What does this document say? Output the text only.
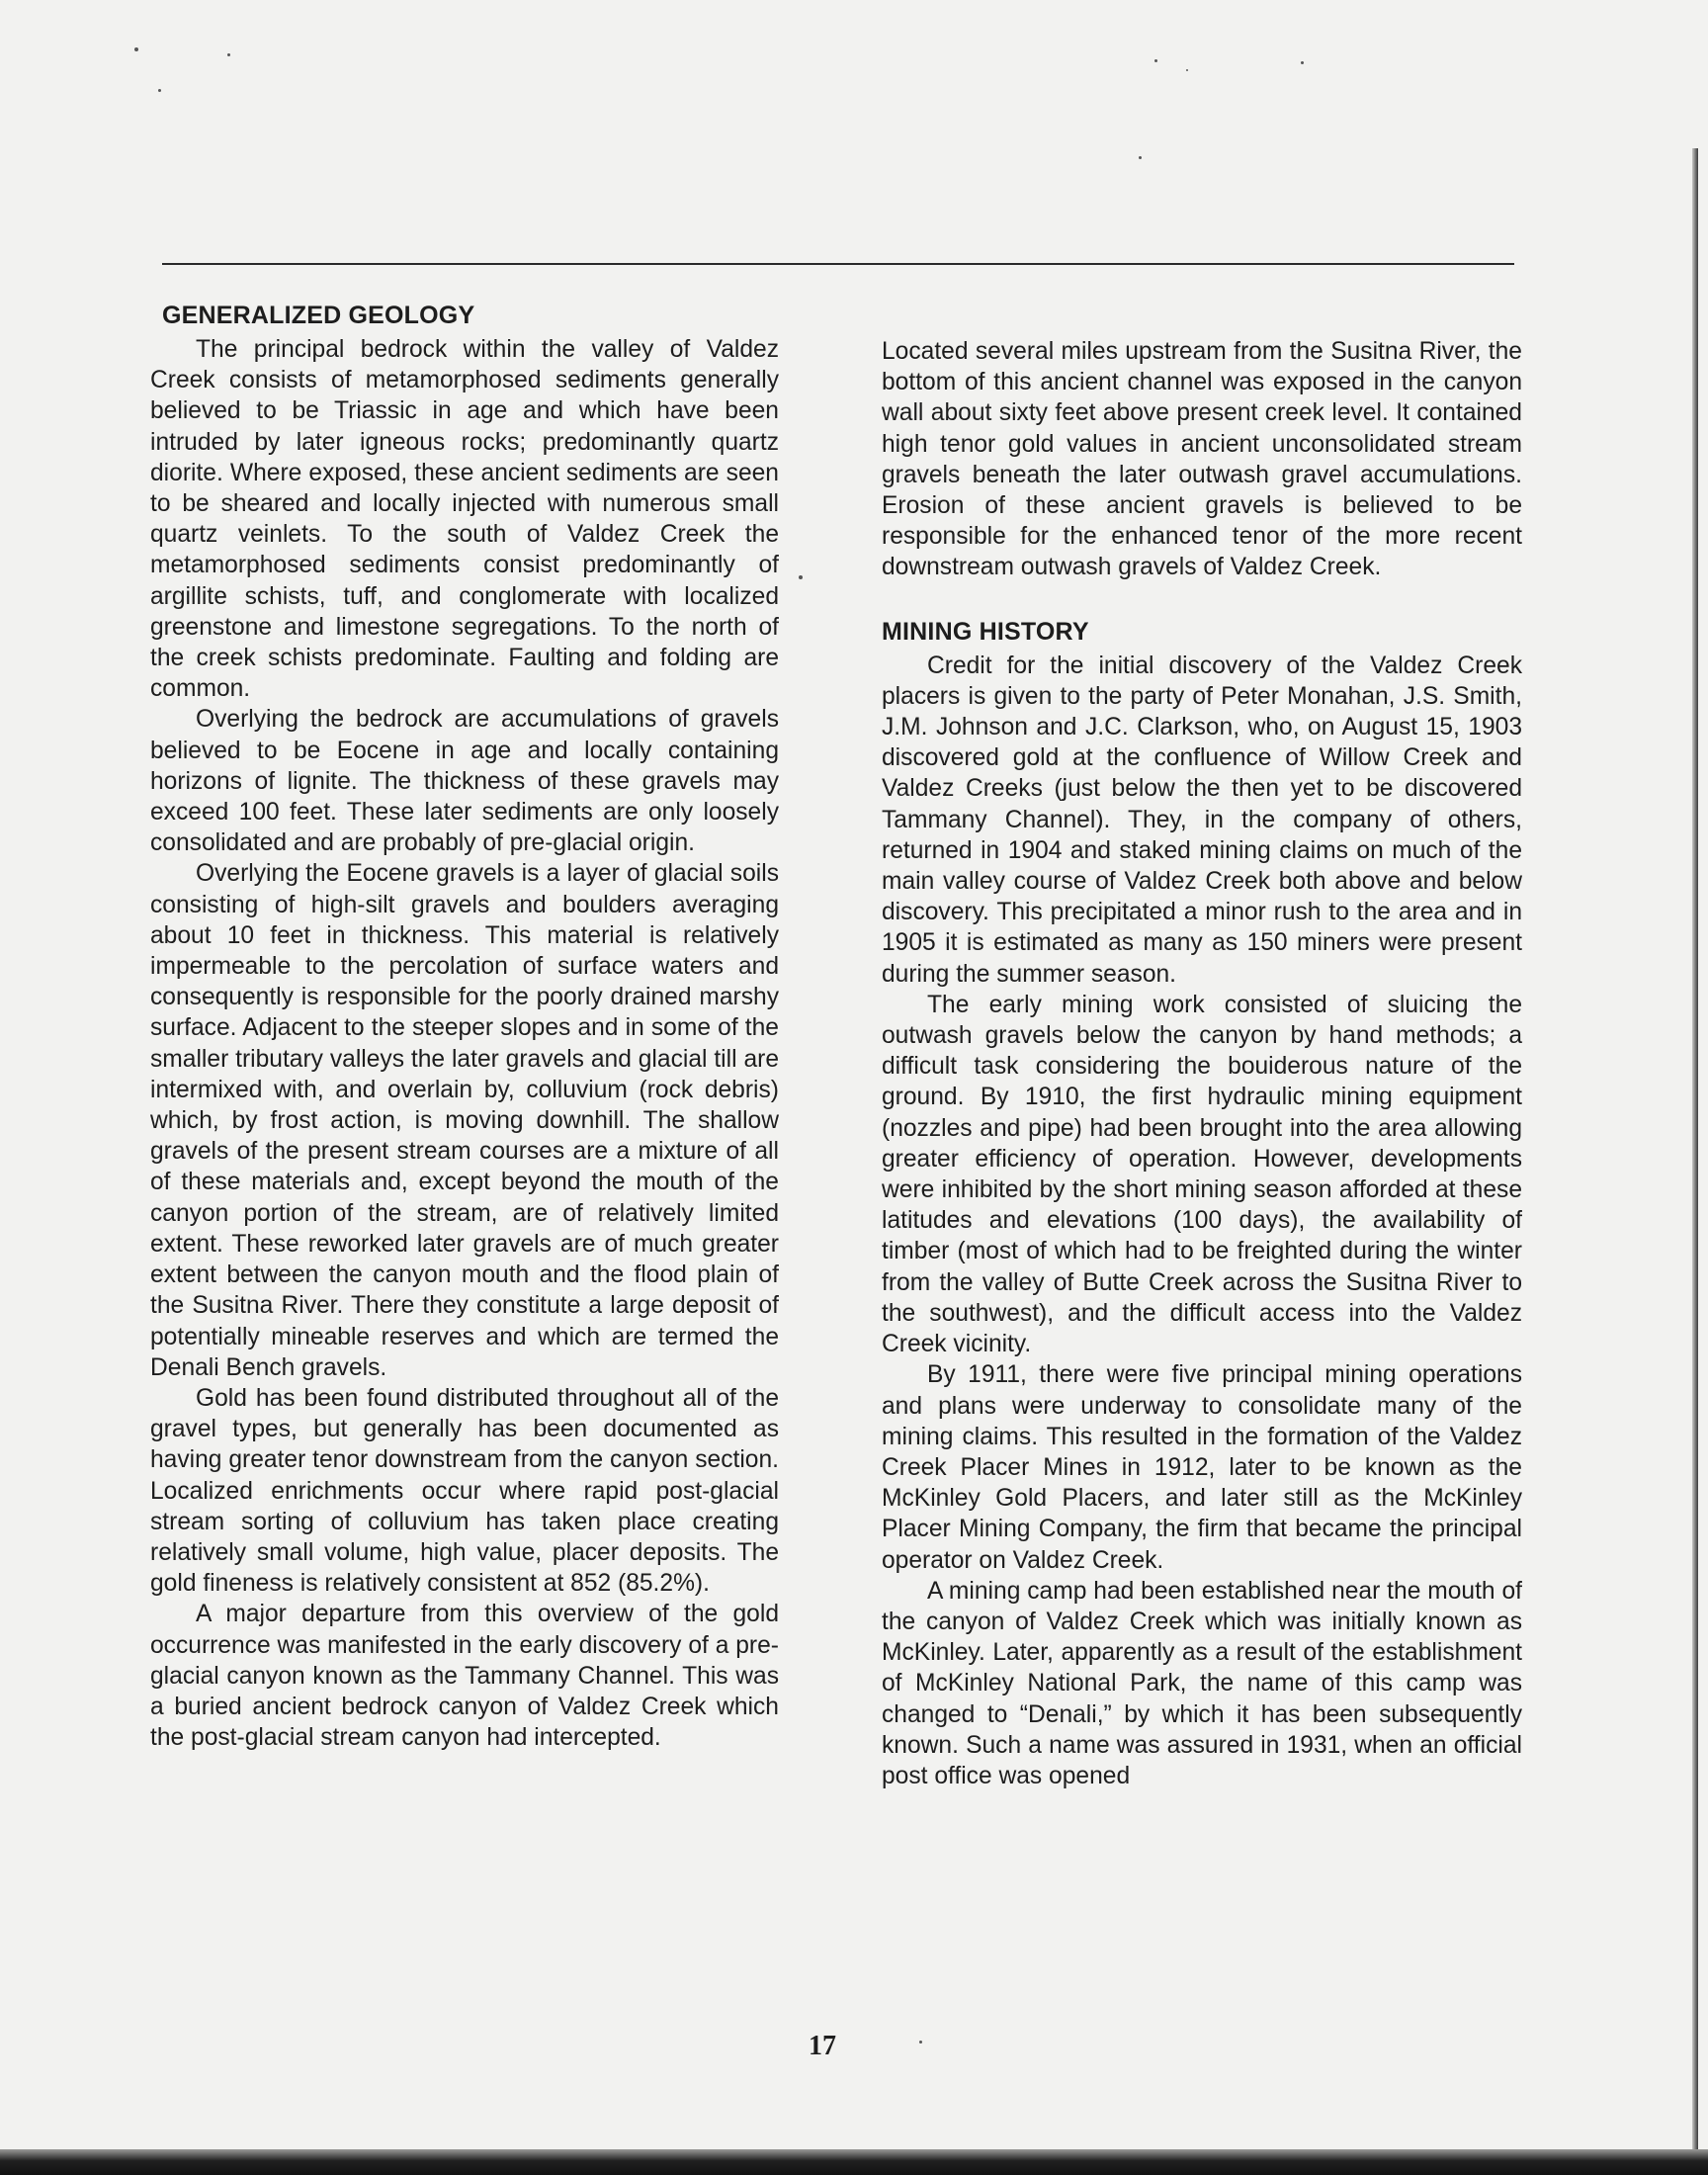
GENERALIZED GEOLOGY

The principal bedrock within the valley of Valdez Creek consists of metamorphosed sediments generally believed to be Triassic in age and which have been intruded by later igneous rocks; predominantly quartz diorite. Where exposed, these ancient sediments are seen to be sheared and locally injected with numerous small quartz veinlets. To the south of Valdez Creek the metamorphosed sediments consist predominantly of argillite schists, tuff, and conglomerate with localized greenstone and limestone segregations. To the north of the creek schists predominate. Faulting and folding are common.

Overlying the bedrock are accumulations of gravels believed to be Eocene in age and locally containing horizons of lignite. The thickness of these gravels may exceed 100 feet. These later sediments are only loosely consolidated and are probably of pre-glacial origin.

Overlying the Eocene gravels is a layer of glacial soils consisting of high-silt gravels and boulders averaging about 10 feet in thickness. This material is relatively impermeable to the percolation of surface waters and consequently is responsible for the poorly drained marshy surface. Adjacent to the steeper slopes and in some of the smaller tributary valleys the later gravels and glacial till are intermixed with, and overlain by, colluvium (rock debris) which, by frost action, is moving downhill. The shallow gravels of the present stream courses are a mixture of all of these materials and, except beyond the mouth of the canyon portion of the stream, are of relatively limited extent. These reworked later gravels are of much greater extent between the canyon mouth and the flood plain of the Susitna River. There they constitute a large deposit of potentially mineable reserves and which are termed the Denali Bench gravels.

Gold has been found distributed throughout all of the gravel types, but generally has been documented as having greater tenor downstream from the canyon section. Localized enrichments occur where rapid post-glacial stream sorting of colluvium has taken place creating relatively small volume, high value, placer deposits. The gold fineness is relatively consistent at 852 (85.2%).

A major departure from this overview of the gold occurrence was manifested in the early discovery of a pre-glacial canyon known as the Tammany Channel. This was a buried ancient bedrock canyon of Valdez Creek which the post-glacial stream canyon had intercepted.

Located several miles upstream from the Susitna River, the bottom of this ancient channel was exposed in the canyon wall about sixty feet above present creek level. It contained high tenor gold values in ancient unconsolidated stream gravels beneath the later outwash gravel accumulations. Erosion of these ancient gravels is believed to be responsible for the enhanced tenor of the more recent downstream outwash gravels of Valdez Creek.

MINING HISTORY

Credit for the initial discovery of the Valdez Creek placers is given to the party of Peter Monahan, J.S. Smith, J.M. Johnson and J.C. Clarkson, who, on August 15, 1903 discovered gold at the confluence of Willow Creek and Valdez Creeks (just below the then yet to be discovered Tammany Channel). They, in the company of others, returned in 1904 and staked mining claims on much of the main valley course of Valdez Creek both above and below discovery. This precipitated a minor rush to the area and in 1905 it is estimated as many as 150 miners were present during the summer season.

The early mining work consisted of sluicing the outwash gravels below the canyon by hand methods; a difficult task considering the bouiderous nature of the ground. By 1910, the first hydraulic mining equipment (nozzles and pipe) had been brought into the area allowing greater efficiency of operation. However, developments were inhibited by the short mining season afforded at these latitudes and elevations (100 days), the availability of timber (most of which had to be freighted during the winter from the valley of Butte Creek across the Susitna River to the southwest), and the difficult access into the Valdez Creek vicinity.

By 1911, there were five principal mining operations and plans were underway to consolidate many of the mining claims. This resulted in the formation of the Valdez Creek Placer Mines in 1912, later to be known as the McKinley Gold Placers, and later still as the McKinley Placer Mining Company, the firm that became the principal operator on Valdez Creek.

A mining camp had been established near the mouth of the canyon of Valdez Creek which was initially known as McKinley. Later, apparently as a result of the establishment of McKinley National Park, the name of this camp was changed to “Denali,” by which it has been subsequently known. Such a name was assured in 1931, when an official post office was opened

17
